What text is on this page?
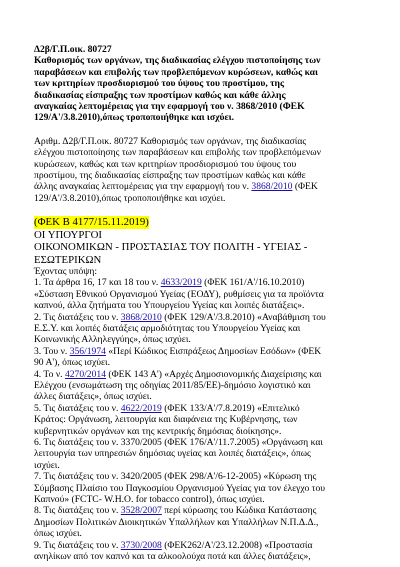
Δ2β/Γ.Π.οικ. 80727

Καθορισμός των οργάνων, της διαδικασίας ελέγχου πιστοποίησης των

παραβάσεων και επιβολής των προβλεπόμενων κυρώσεων, καθώς και

των κριτηρίων προσδιορισμού του ύψους του προστίμου, της

διαδικασίας είσπραξης των προστίμων καθώς και κάθε άλλης

αναγκαίας λεπτομέρειας για την εφαρμογή του ν. 3868/2010 (ΦΕΚ

129/Α'/3.8.2010),όπως τροποποιήθηκε και ισχύει.

Αριθμ. Δ2β/Γ.Π.οικ. 80727 Καθορισμός των οργάνων, της διαδικασίας

ελέγχου πιστοποίησης των παραβάσεων και επιβολής των προβλεπόμενων

κυρώσεων, καθώς και των κριτηρίων προσδιορισμού του ύψους του

προστίμου, της διαδικασίας είσπραξης των προστίμων καθώς και κάθε

άλλης αναγκαίας λεπτομέρειας για την εφαρμογή του ν. 3868/2010 (ΦΕΚ

129/Α'/3.8.2010),όπως τροποποιήθηκε και ισχύει.

(ΦΕΚ Β 4177/15.11.2019)
ΟΙ ΥΠΟΥΡΓΟΙ
ΟΙΚΟΝΟΜΙΚΩΝ - ΠΡΟΣΤΑΣΙΑΣ ΤΟΥ ΠΟΛΙΤΗ - ΥΓΕΙΑΣ -
ΕΣΩΤΕΡΙΚΩΝ

Έχοντας υπόψη:

1. Τα άρθρα 16, 17 και 18 του ν. 4633/2019 (ΦΕΚ 161/Α'/16.10.2010)

«Σύσταση Εθνικού Οργανισμού Υγείας (ΕΟΔΥ), ρυθμίσεις για τα προϊόντα

καπνού, άλλα ζητήματα του Υπουργείου Υγείας και λοιπές διατάξεις».

2. Τις διατάξεις του ν. 3868/2010 (ΦΕΚ 129/Α'/3.8.2010) «Αναβάθμιση του

Ε.Σ.Υ. και λοιπές διατάξεις αρμοδιότητας του Υπουργείου Υγείας και

Κοινωνικής Αλληλεγγύης», όπως ισχύει.

3. Του ν. 356/1974 «Περί Κώδικος Εισπράξεως Δημοσίων Εσόδων» (ΦΕΚ

90 Α'), όπως ισχύει.

4. Το ν. 4270/2014 (ΦΕΚ 143 Α') «Αρχές Δημοσιονομικής Διαχείρισης και

Ελέγχου (ενσωμάτωση της οδηγίας 2011/85/ΕΕ)-δημόσιο λογιστικό και

άλλες διατάξεις», όπως ισχύει.

5. Τις διατάξεις του ν. 4622/2019 (ΦΕΚ 133/Α'/7.8.2019) «Επιτελικό

Κράτος: Οργάνωση, λειτουργία και διαφάνεια της Κυβέρνησης, των

κυβερνητικών οργάνων και της κεντρικής δημόσιας διοίκησης».

6. Τις διατάξεις του ν. 3370/2005 (ΦΕΚ 176/Α'/11.7.2005) «Οργάνωση και

λειτουργία των υπηρεσιών δημόσιας υγείας και λοιπές διατάξεις», όπως

ισχύει.

7. Τις διατάξεις του ν. 3420/2005 (ΦΕΚ 298/Α'/6-12-2005) «Κύρωση της

Σύμβασης Πλαίσιο του Παγκοσμίου Οργανισμού Υγείας για τον έλεγχο του

Καπνού» (FCTC- W.H.O. for tobacco control), όπως ισχύει.

8. Τις διατάξεις του ν. 3528/2007 περί κύρωσης του Κώδικα Κατάστασης

Δημοσίων Πολιτικών Διοικητικών Υπαλλήλων και Υπαλλήλων Ν.Π.Δ.Δ.,

όπως ισχύει.

9. Τις διατάξεις του ν. 3730/2008 (ΦΕΚ262/Α'/23.12.2008) «Προστασία

ανηλίκων από τον καπνό και τα αλκοολούχα ποτά και άλλες διατάξεις»,
